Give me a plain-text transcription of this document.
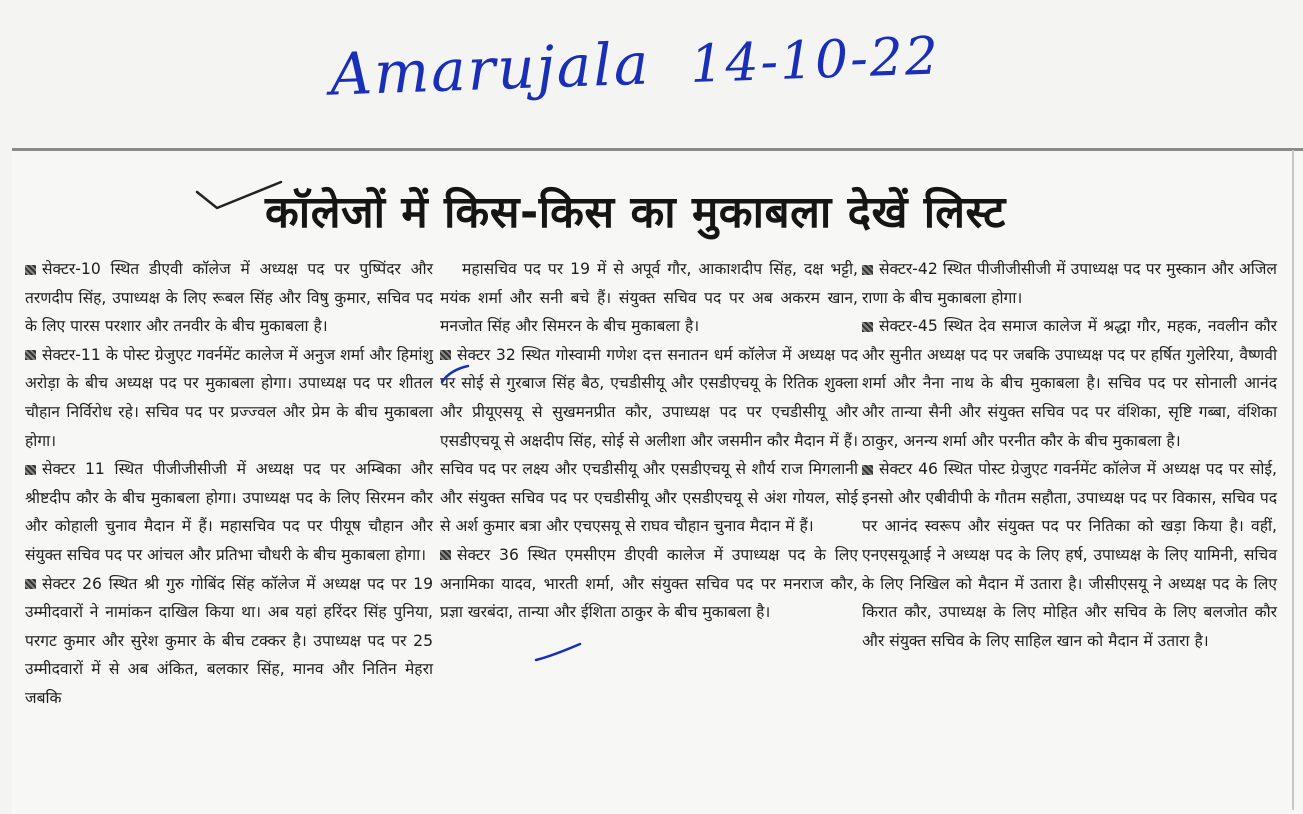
Amarujala 14-10-22
कॉलेजों में किस-किस का मुकाबला देखें लिस्ट

सेक्टर-10 स्थित डीएवी कॉलेज में अध्यक्ष पद पर पुष्पिंदर और तरणदीप सिंह, उपाध्यक्ष के लिए रूबल सिंह और विषु कुमार, सचिव पद के लिए पारस परशार और तनवीर के बीच मुकाबला है।

सेक्टर-11 के पोस्ट ग्रेजुएट गवर्नमेंट कालेज में अनुज शर्मा और हिमांशु अरोड़ा के बीच अध्यक्ष पद पर मुकाबला होगा। उपाध्यक्ष पद पर शीतल चौहान निर्विरोध रहे। सचिव पद पर प्रज्ज्वल और प्रेम के बीच मुकाबला होगा।

सेक्टर 11 स्थित पीजीजीसीजी में अध्यक्ष पद पर अम्बिका और श्रीष्टदीप कौर के बीच मुकाबला होगा। उपाध्यक्ष पद के लिए सिरमन कौर और कोहाली चुनाव मैदान में हैं। महासचिव पद पर पीयूष चौहान और संयुक्त सचिव पद पर आंचल और प्रतिभा चौधरी के बीच मुकाबला होगा।

सेक्टर 26 स्थित श्री गुरु गोबिंद सिंह कॉलेज में अध्यक्ष पद पर 19 उम्मीदवारों ने नामांकन दाखिल किया था। अब यहां हरिंदर सिंह पुनिया, परगट कुमार और सुरेश कुमार के बीच टक्कर है। उपाध्यक्ष पद पर 25 उम्मीदवारों में से अब अंकित, बलकार सिंह, मानव और नितिन मेहरा जबकि

महासचिव पद पर 19 में से अपूर्व गौर, आकाशदीप सिंह, दक्ष भट्टी, मयंक शर्मा और सनी बचे हैं। संयुक्त सचिव पद पर अब अकरम खान, मनजोत सिंह और सिमरन के बीच मुकाबला है।

सेक्टर 32 स्थित गोस्वामी गणेश दत्त सनातन धर्म कॉलेज में अध्यक्ष पद पर सोई से गुरबाज सिंह बैठ, एचडीसीयू और एसडीएचयू के रितिक शुक्ला और प्रीयूएसयू से सुखमनप्रीत कौर, उपाध्यक्ष पद पर एचडीसीयू और एसडीएचयू से अक्षदीप सिंह, सोई से अलीशा और जसमीन कौर मैदान में हैं। सचिव पद पर लक्ष्य और एचडीसीयू और एसडीएचयू से शौर्य राज मिगलानी और संयुक्त सचिव पद पर एचडीसीयू और एसडीएचयू से अंश गोयल, सोई से अर्श कुमार बत्रा और एचएसयू से राघव चौहान चुनाव मैदान में हैं।

सेक्टर 36 स्थित एमसीएम डीएवी कालेज में उपाध्यक्ष पद के लिए अनामिका यादव, भारती शर्मा, और संयुक्त सचिव पद पर मनराज कौर, प्रज्ञा खरबंदा, तान्या और ईशिता ठाकुर के बीच मुकाबला है।

सेक्टर-42 स्थित पीजीजीसीजी में उपाध्यक्ष पद पर मुस्कान और अजिल राणा के बीच मुकाबला होगा।

सेक्टर-45 स्थित देव समाज कालेज में श्रद्धा गौर, महक, नवलीन कौर और सुनीत अध्यक्ष पद पर जबकि उपाध्यक्ष पद पर हर्षित गुलेरिया, वैष्णवी शर्मा और नैना नाथ के बीच मुकाबला है। सचिव पद पर सोनाली आनंद और तान्या सैनी और संयुक्त सचिव पद पर वंशिका, सृष्टि गब्बा, वंशिका ठाकुर, अनन्य शर्मा और परनीत कौर के बीच मुकाबला है।

सेक्टर 46 स्थित पोस्ट ग्रेजुएट गवर्नमेंट कॉलेज में अध्यक्ष पद पर सोई, इनसो और एबीवीपी के गौतम सहौता, उपाध्यक्ष पद पर विकास, सचिव पद पर आनंद स्वरूप और संयुक्त पद पर नितिका को खड़ा किया है। वहीं, एनएसयूआई ने अध्यक्ष पद के लिए हर्ष, उपाध्यक्ष के लिए यामिनी, सचिव के लिए निखिल को मैदान में उतारा है। जीसीएसयू ने अध्यक्ष पद के लिए किरात कौर, उपाध्यक्ष के लिए मोहित और सचिव के लिए बलजोत कौर और संयुक्त सचिव के लिए साहिल खान को मैदान में उतारा है।
